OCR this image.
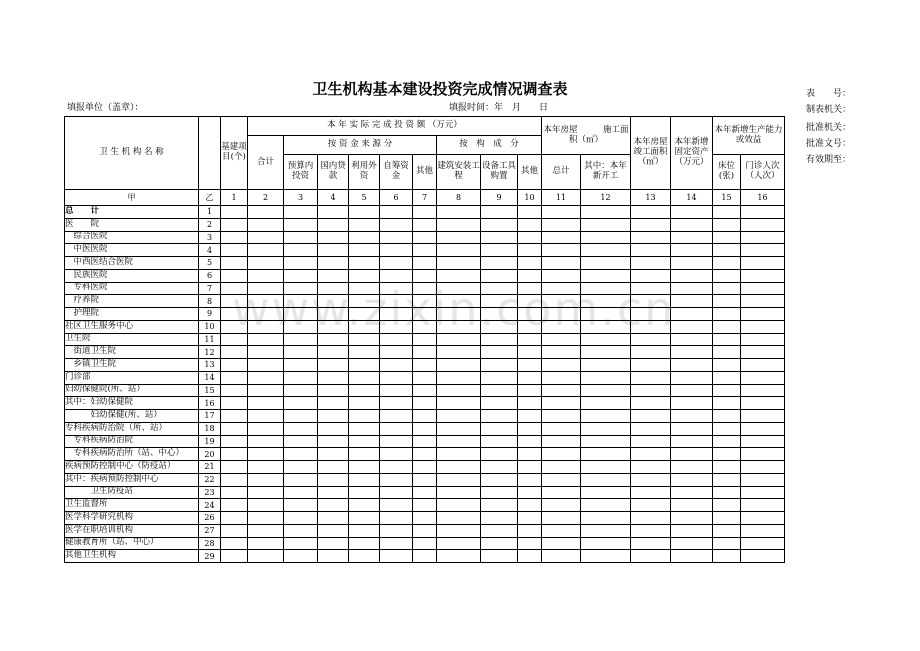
卫生机构基本建设投资完成情况调查表
填报单位（盖章）：	填报时间：年　月　　日
表　　号：
制表机关：
批准机关：
批准文号：
有效期至：
卫 生 机 构 名 称		基建项目(个)	本 年 实 际 完 成 投 资 额 （万元）									本年房屋　　　施工面积（㎡）		本年房屋竣工面积（㎡）	本年新增固定资产（万元）	本年新增生产能力或效益	
			合计	按 资 金 来 源 分					按　构　成　分								
				预算内投资	国内贷款	利用外资	自筹资金	其他	建筑安装工程	设备工具购置	其他	总计	其中：本年新开工			床位(张)	门诊人次（人次）
甲	乙	1	2	3	4	5	6	7	8	9	10	11	12	13	14	15	16
总　　计	1																
医　　院	2																
　综合医院	3																
　中医医院	4																
　中西医结合医院	5																
　民族医院	6																
　专科医院	7																
　疗养院	8																
　护理院	9																
社区卫生服务中心	10																
卫生院	11																
　街道卫生院	12																
　乡镇卫生院	13																
门诊部	14																
妇幼保健院(所、站）	15																
其中：妇幼保健院	16																
　　　妇幼保健(所、站）	17																
专科疾病防治院（所、站）	18																
　专科疾病防治院	19																
　专科疾病防治所（站、中心）	20																
疾病预防控制中心（防疫站）	21																
其中：疾病预防控制中心	22																
　　　卫生防疫站	23																
卫生监督所	24																
医学科学研究机构	26																
医学在职培训机构	27																
健康教育所（站、中心）	28																
其他卫生机构	29																
www.zixin.com.cn
